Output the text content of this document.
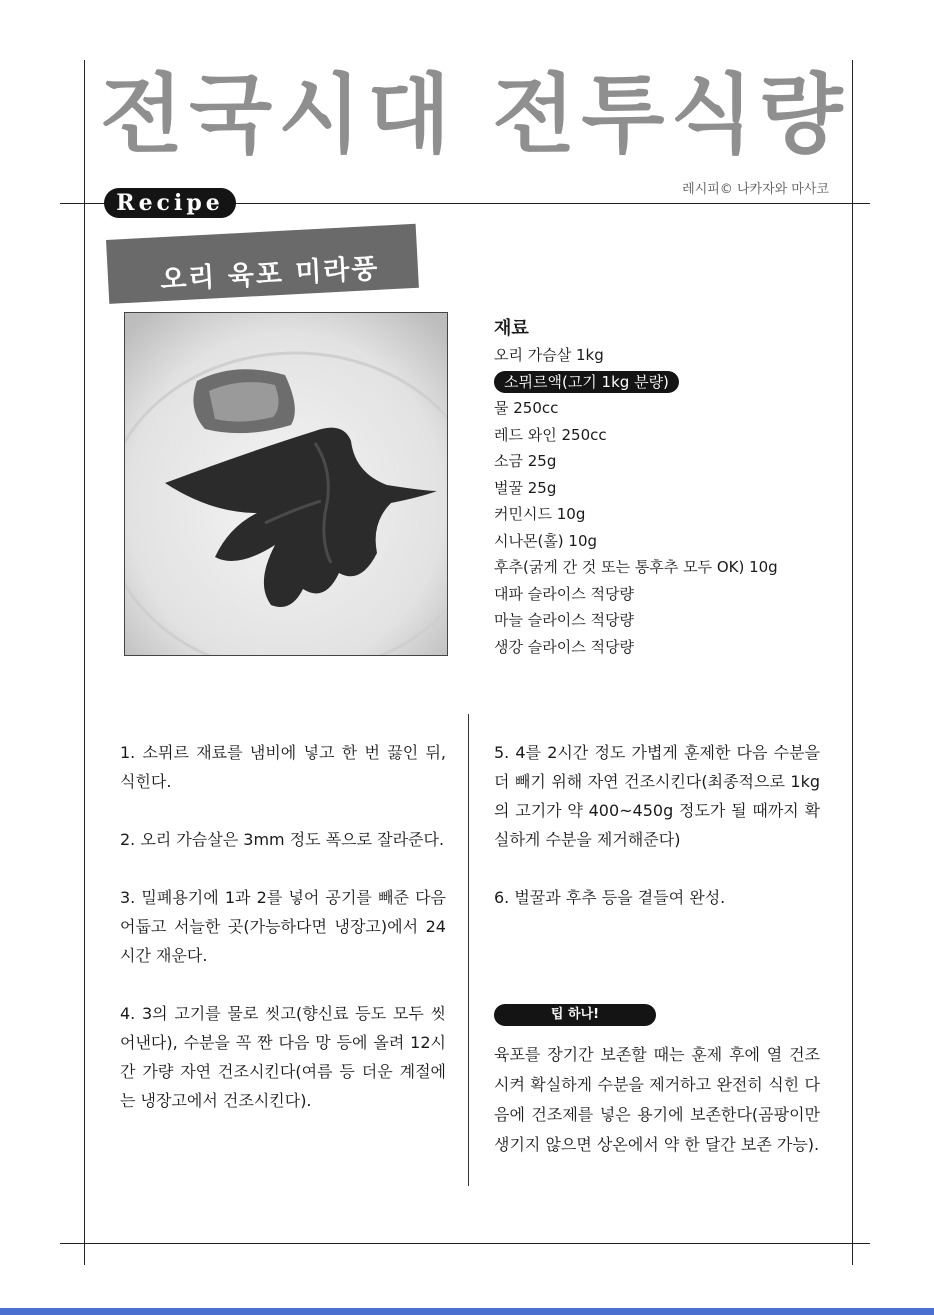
전국시대 전투식량
레시피© 나카자와 마사코
Recipe
오리 육포 미라풍
재료
오리 가슴살 1kg
소뮈르액(고기 1kg 분량)
물 250cc
레드 와인 250cc
소금 25g
벌꿀 25g
커민시드 10g
시나몬(홀) 10g
후추(굵게 간 것 또는 통후추 모두 OK) 10g
대파 슬라이스 적당량
마늘 슬라이스 적당량
생강 슬라이스 적당량

1. 소뮈르 재료를 냄비에 넣고 한 번 끓인 뒤, 식힌다.

2. 오리 가슴살은 3mm 정도 폭으로 잘라준다.

3. 밀폐용기에 1과 2를 넣어 공기를 빼준 다음 어둡고 서늘한 곳(가능하다면 냉장고)에서 24시간 재운다.

4. 3의 고기를 물로 씻고(향신료 등도 모두 씻어낸다), 수분을 꼭 짠 다음 망 등에 올려 12시간 가량 자연 건조시킨다(여름 등 더운 계절에는 냉장고에서 건조시킨다).

5. 4를 2시간 정도 가볍게 훈제한 다음 수분을 더 빼기 위해 자연 건조시킨다(최종적으로 1kg의 고기가 약 400~450g 정도가 될 때까지 확실하게 수분을 제거해준다)

6. 벌꿀과 후추 등을 곁들여 완성.

팁 하나!

육포를 장기간 보존할 때는 훈제 후에 열 건조시켜 확실하게 수분을 제거하고 완전히 식힌 다음에 건조제를 넣은 용기에 보존한다(곰팡이만 생기지 않으면 상온에서 약 한 달간 보존 가능).
